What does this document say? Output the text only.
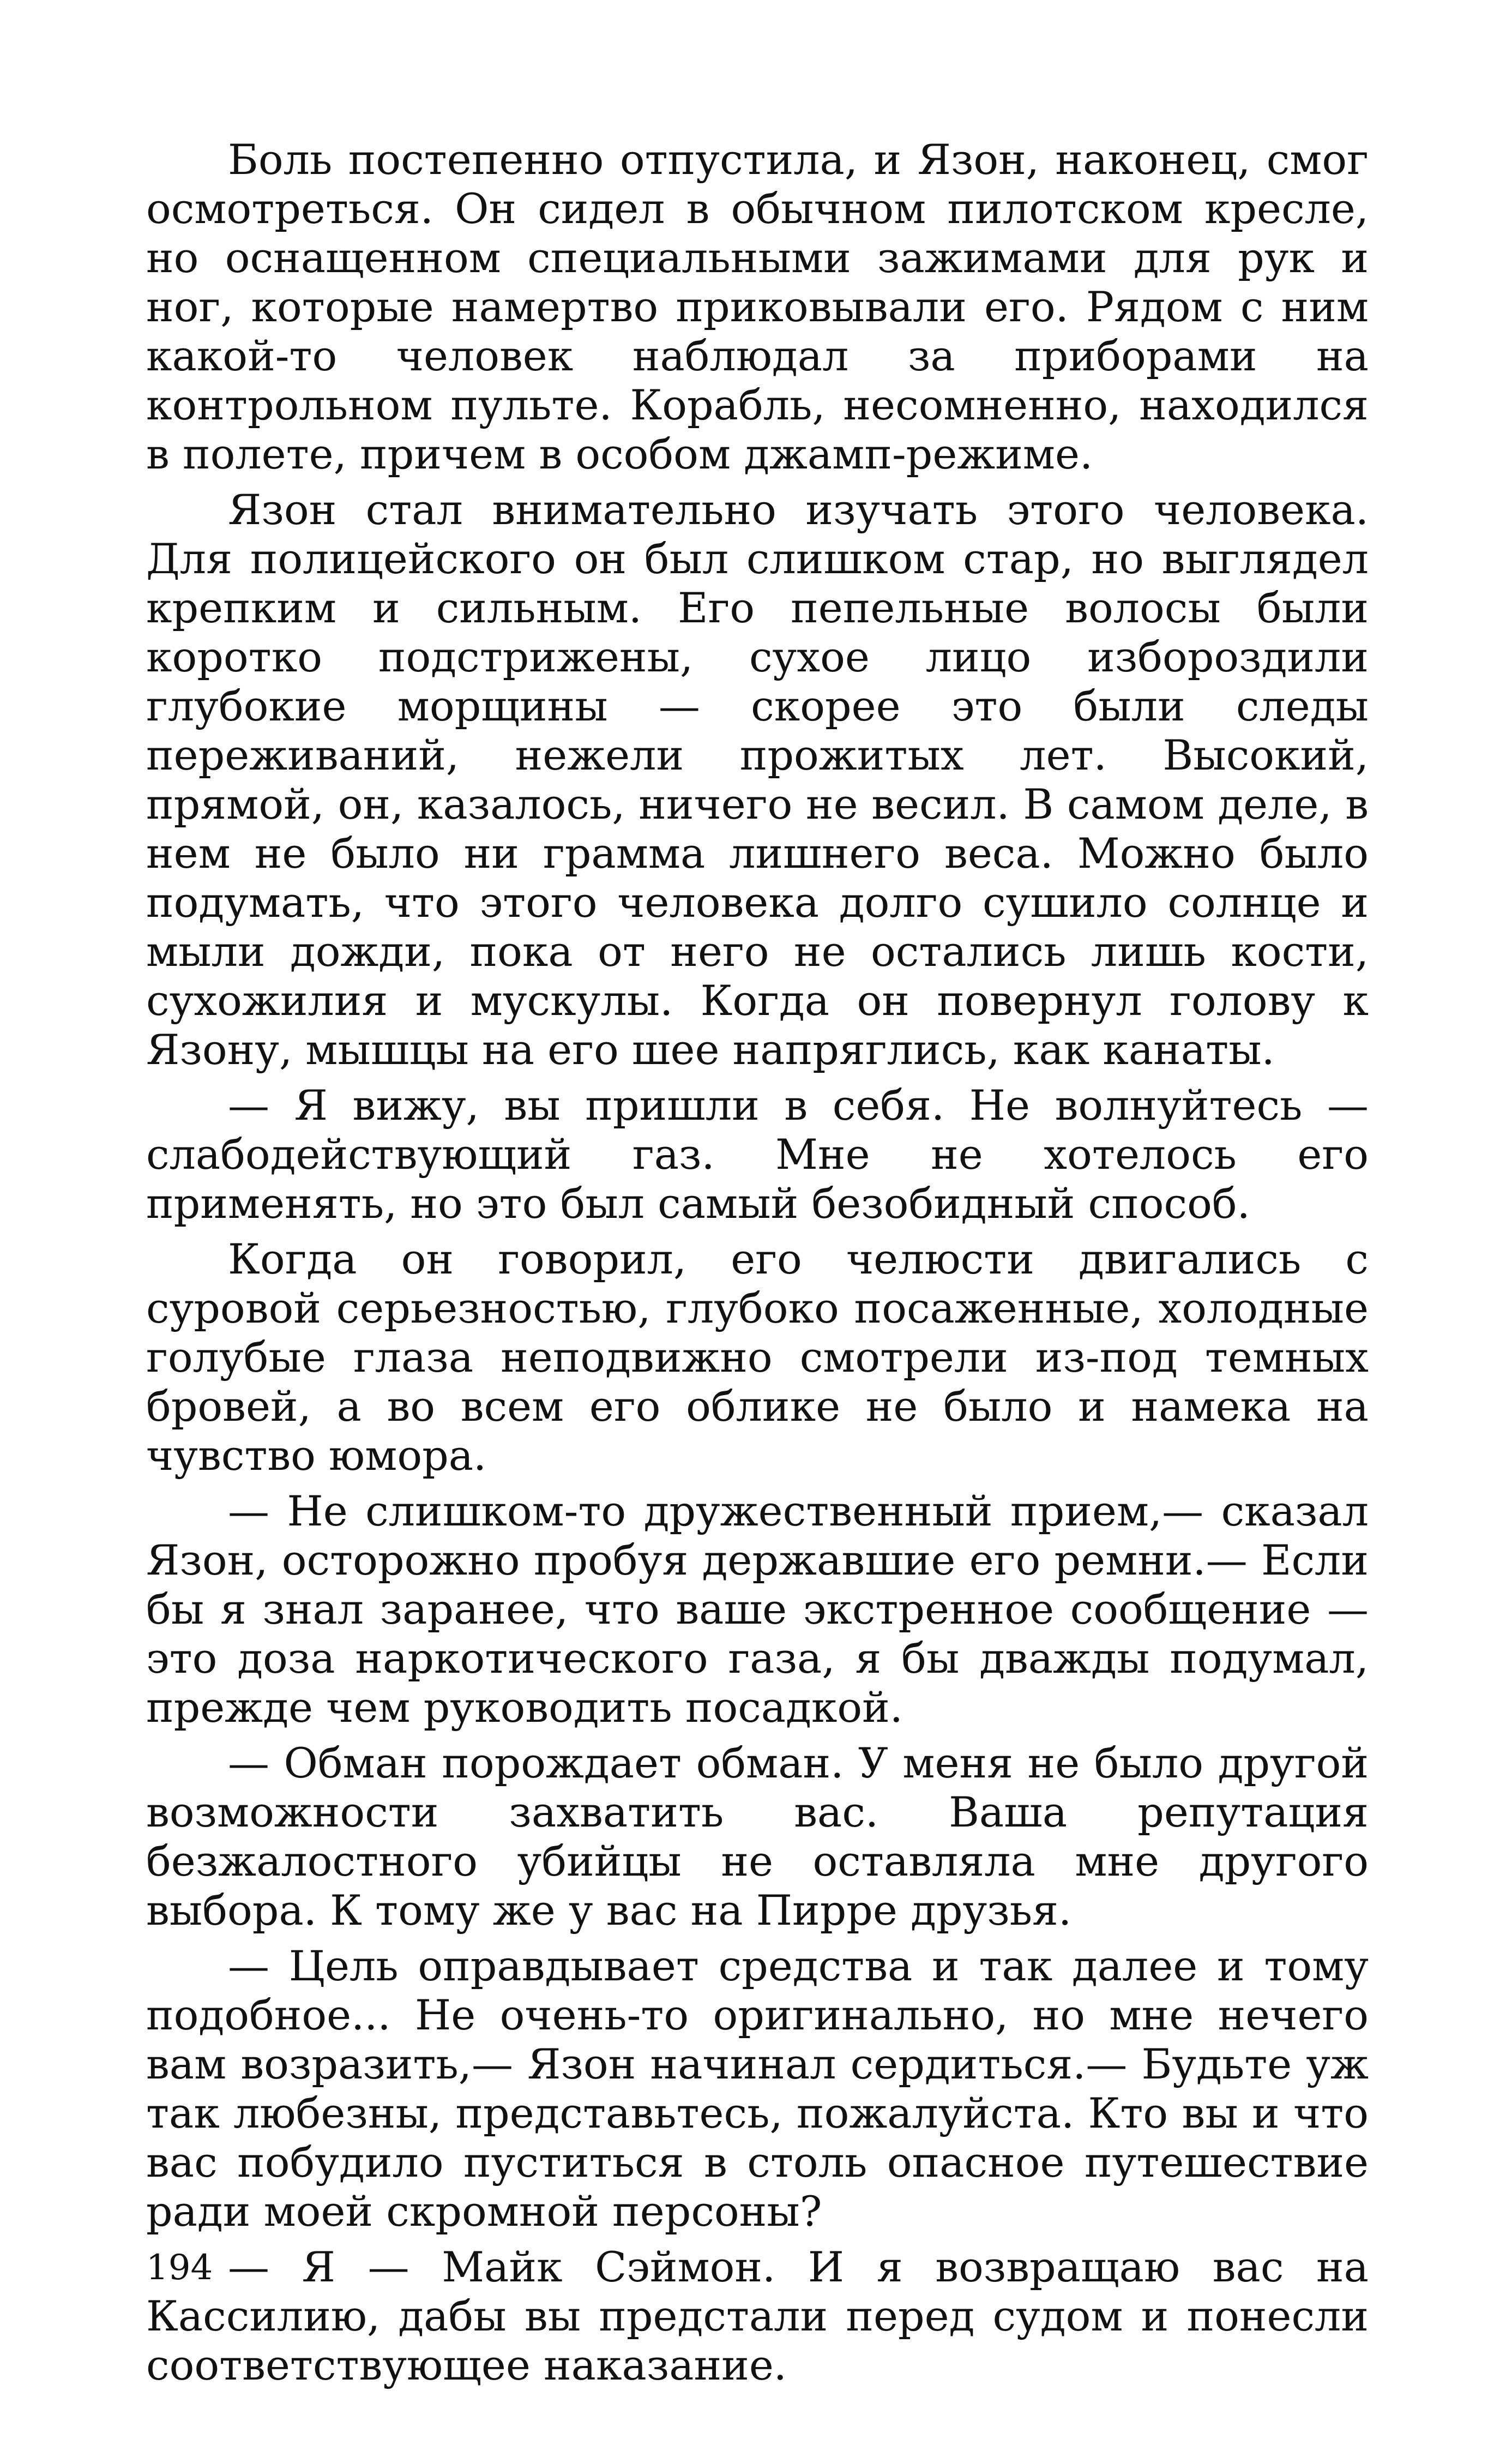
Боль постепенно отпустила, и Язон, наконец, смог осмотреться. Он сидел в обычном пилотском кресле, но оснащенном специальными зажимами для рук и ног, которые намертво приковывали его. Рядом с ним какой-то человек наблюдал за приборами на контрольном пульте. Корабль, несомненно, находился в полете, причем в особом джамп-режиме.

Язон стал внимательно изучать этого человека. Для полицейского он был слишком стар, но выглядел крепким и сильным. Его пепельные волосы были коротко подстрижены, сухое лицо избороздили глубокие морщины — скорее это были следы переживаний, нежели прожитых лет. Высокий, прямой, он, казалось, ничего не весил. В самом деле, в нем не было ни грамма лишнего веса. Можно было подумать, что этого человека долго сушило солнце и мыли дожди, пока от него не остались лишь кости, сухожилия и мускулы. Когда он повернул голову к Язону, мышцы на его шее напряглись, как канаты.

— Я вижу, вы пришли в себя. Не волнуйтесь — слабодействующий газ. Мне не хотелось его применять, но это был самый безобидный способ.

Когда он говорил, его челюсти двигались с суровой серьезностью, глубоко посаженные, холодные голубые глаза неподвижно смотрели из-под темных бровей, а во всем его облике не было и намека на чувство юмора.

— Не слишком-то дружественный прием,— сказал Язон, осторожно пробуя державшие его ремни.— Если бы я знал заранее, что ваше экстренное сообщение — это доза наркотического газа, я бы дважды подумал, прежде чем руководить посадкой.

— Обман порождает обман. У меня не было другой возможности захватить вас. Ваша репутация безжалостного убийцы не оставляла мне другого выбора. К тому же у вас на Пирре друзья.

— Цель оправдывает средства и так далее и тому подобное... Не очень-то оригинально, но мне нечего вам возразить,— Язон начинал сердиться.— Будьте уж так любезны, представьтесь, пожалуйста. Кто вы и что вас побудило пуститься в столь опасное путешествие ради моей скромной персоны?

— Я — Майк Сэймон. И я возвращаю вас на Кассилию, дабы вы предстали перед судом и понесли соответствующее наказание.

194
